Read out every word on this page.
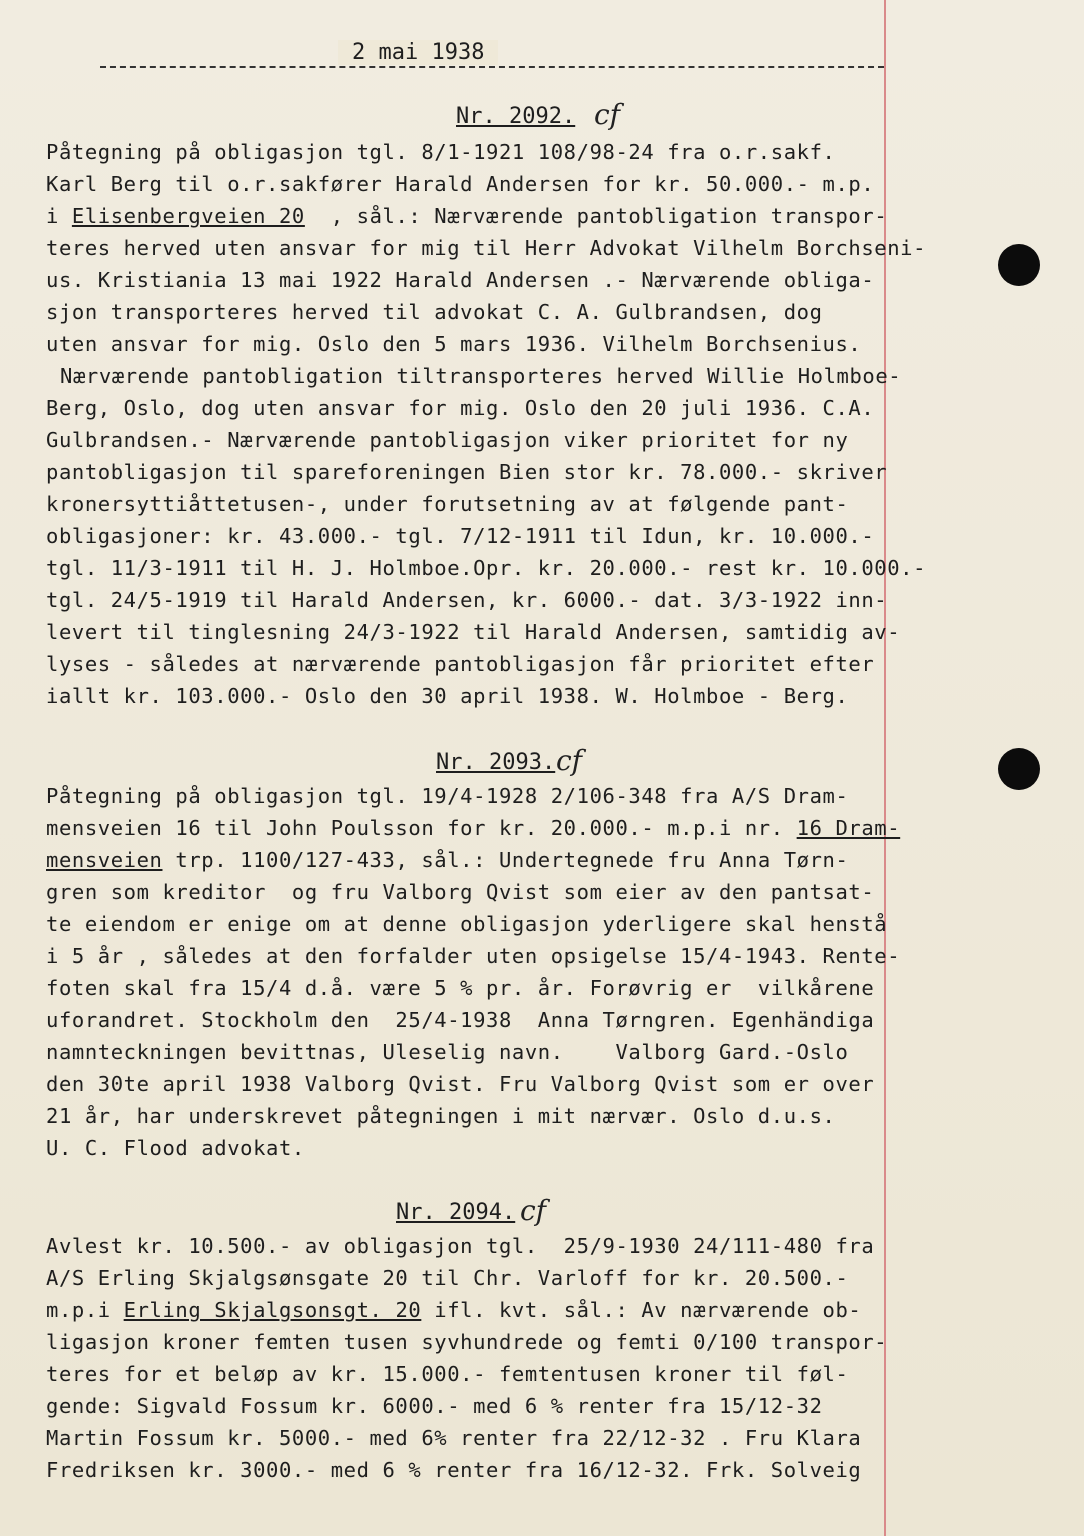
2 mai 1938
Nr. 2092. cf
Påtegning på obligasjon tgl. 8/1-1921 108/98-24 fra o.r.sakf.
Karl Berg til o.r.sakfører Harald Andersen for kr. 50.000.- m.p.
i Elisenbergveien 20 , sål.: Nærværende pantobligation transpor-
teres herved uten ansvar for mig til Herr Advokat Vilhelm Borchseni-
us. Kristiania 13 mai 1922 Harald Andersen .- Nærværende obliga-
sjon transporteres herved til advokat C. A. Gulbrandsen, dog
uten ansvar for mig. Oslo den 5 mars 1936. Vilhelm Borchsenius.
Nærværende pantobligation tiltransporteres herved Willie Holmboe-
Berg, Oslo, dog uten ansvar for mig. Oslo den 20 juli 1936. C.A.
Gulbrandsen.- Nærværende pantobligasjon viker prioritet for ny
pantobligasjon til spareforeningen Bien stor kr. 78.000.- skriver
kronersyttiåttetusen-, under forutsetning av at følgende pant-
obligasjoner: kr. 43.000.- tgl. 7/12-1911 til Idun, kr. 10.000.-
tgl. 11/3-1911 til H. J. Holmboe.Opr. kr. 20.000.- rest kr. 10.000.-
tgl. 24/5-1919 til Harald Andersen, kr. 6000.- dat. 3/3-1922 inn-
levert til tinglesning 24/3-1922 til Harald Andersen, samtidig av-
lyses - således at nærværende pantobligasjon får prioritet efter
iallt kr. 103.000.- Oslo den 30 april 1938. W. Holmboe - Berg.
Nr. 2093. cf
Påtegning på obligasjon tgl. 19/4-1928 2/106-348 fra A/S Dram-
mensveien 16 til John Poulsson for kr. 20.000.- m.p.i nr. 16 Dram-
mensveien trp. 1100/127-433, sål.: Undertegnede fru Anna Tørn-
gren som kreditor  og fru Valborg Qvist som eier av den pantsat-
te eiendom er enige om at denne obligasjon yderligere skal henstå
i 5 år , således at den forfalder uten opsigelse 15/4-1943. Rente-
foten skal fra 15/4 d.å. være 5 % pr. år. Forøvrig er  vilkårene
uforandret. Stockholm den  25/4-1938  Anna Tørngren. Egenhändiga
namnteckningen bevittnas, Uleselig navn.    Valborg Gard.-Oslo
den 30te april 1938 Valborg Qvist. Fru Valborg Qvist som er over
21 år, har underskrevet påtegningen i mit nærvær. Oslo d.u.s.
U. C. Flood advokat.
Nr. 2094. cf
Avlest kr. 10.500.- av obligasjon tgl.  25/9-1930 24/111-480 fra
A/S Erling Skjalgsønsgate 20 til Chr. Varloff for kr. 20.500.-
m.p.i Erling Skjalgsonsgt. 20 ifl. kvt. sål.: Av nærværende ob-
ligasjon kroner femten tusen syvhundrede og femti 0/100 transpor-
teres for et beløp av kr. 15.000.- femtentusen kroner til føl-
gende: Sigvald Fossum kr. 6000.- med 6 % renter fra 15/12-32
Martin Fossum kr. 5000.- med 6% renter fra 22/12-32 . Fru Klara
Fredriksen kr. 3000.- med 6 % renter fra 16/12-32. Frk. Solveig
